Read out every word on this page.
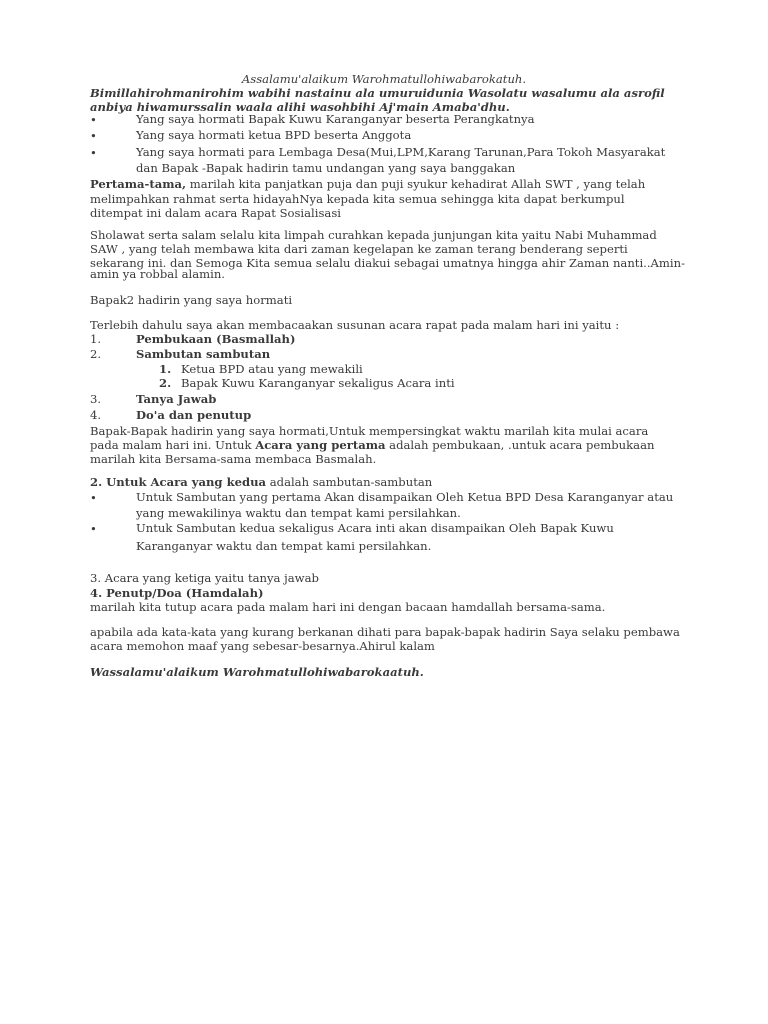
Assalamu'alaikum Warohmatullohiwabarokatuh.

Bimillahirohmanirohim wabihi nastainu ala umuruidunia Wasolatu wasalumu ala asrofil

anbiya hiwamurssalin waala alihi wasohbihi Aj'main Amaba'dhu.

•	Yang saya hormati Bapak Kuwu Karanganyar beserta Perangkatnya

•	Yang saya hormati ketua BPD beserta Anggota

•	Yang saya hormati para Lembaga Desa(Mui,LPM,Karang Tarunan,Para Tokoh Masyarakat

dan Bapak -Bapak hadirin tamu undangan yang saya banggakan

Pertama-tama, marilah kita panjatkan puja dan puji syukur kehadirat Allah SWT , yang telah

melimpahkan rahmat serta hidayahNya kepada kita semua sehingga kita dapat berkumpul

ditempat ini dalam acara Rapat Sosialisasi

Sholawat serta salam selalu kita limpah curahkan kepada junjungan kita yaitu Nabi Muhammad

SAW , yang telah membawa kita dari zaman kegelapan ke zaman terang benderang seperti

sekarang ini. dan Semoga Kita semua selalu diakui sebagai umatnya hingga ahir Zaman nanti..Amin-

amin ya robbal alamin.

Bapak2 hadirin yang saya hormati

Terlebih dahulu saya akan membacaakan susunan acara rapat pada malam hari ini yaitu :

1.	Pembukaan (Basmallah)

2.	Sambutan sambutan

1. Ketua BPD atau yang mewakili

2. Bapak Kuwu Karanganyar sekaligus Acara inti

3.	Tanya Jawab

4.	Do'a dan penutup

Bapak-Bapak hadirin yang saya hormati,Untuk mempersingkat waktu marilah kita mulai acara

pada malam hari ini. Untuk Acara yang pertama adalah pembukaan, .untuk acara pembukaan

marilah kita Bersama-sama membaca Basmalah.

2. Untuk Acara yang kedua adalah sambutan-sambutan

•	Untuk Sambutan yang pertama Akan disampaikan Oleh Ketua BPD Desa Karanganyar atau

yang mewakilinya waktu dan tempat kami persilahkan.

•	Untuk Sambutan kedua sekaligus Acara inti akan disampaikan Oleh Bapak Kuwu

Karanganyar waktu dan tempat kami persilahkan.

3. Acara yang ketiga yaitu tanya jawab

4. Penutp/Doa (Hamdalah)

marilah kita tutup acara pada malam hari ini dengan bacaan hamdallah bersama-sama.

apabila ada kata-kata yang kurang berkanan dihati para bapak-bapak hadirin Saya selaku pembawa

acara memohon maaf yang sebesar-besarnya.Ahirul kalam

Wassalamu'alaikum Warohmatullohiwabarokaatuh.
